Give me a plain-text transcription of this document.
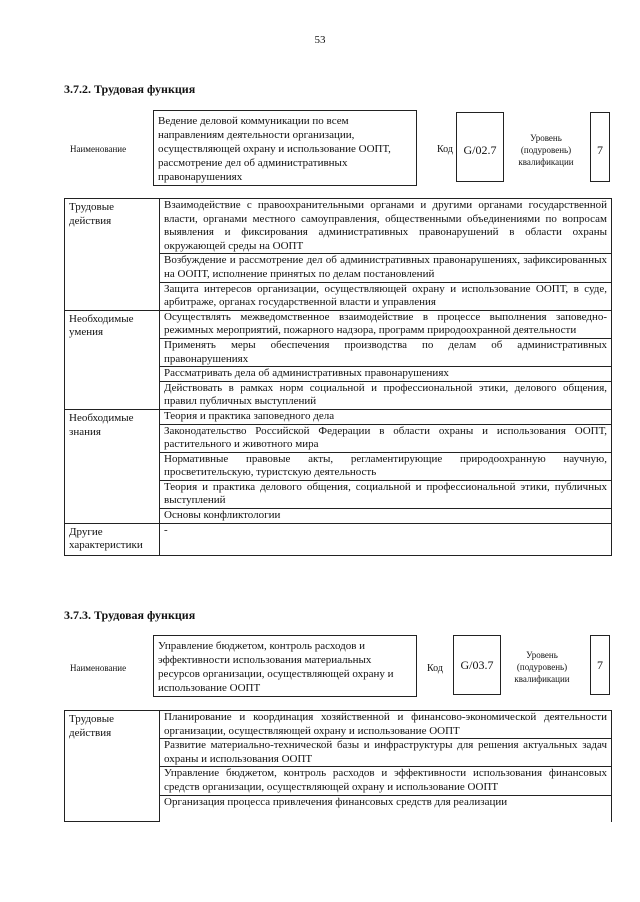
53
3.7.2. Трудовая функция
Наименование
Ведение деловой коммуникации по всем направлениям деятельности организации, осуществляющей охрану и использование ООПТ, рассмотрение дел об административных правонарушениях
Код G/02.7
Уровень (подуровень) квалификации
7
Трудовые действия	Взаимодействие с правоохранительными органами и другими органами государственной власти, органами местного самоуправления, общественными объединениями по вопросам выявления и фиксирования административных правонарушений в области охраны окружающей среды на ООПТ
	Возбуждение и рассмотрение дел об административных правонарушениях, зафиксированных на ООПТ, исполнение принятых по делам постановлений
	Защита интересов организации, осуществляющей охрану и использование ООПТ, в суде, арбитраже, органах государственной власти и управления
Необходимые умения	Осуществлять межведомственное взаимодействие в процессе выполнения заповедно-режимных мероприятий, пожарного надзора, программ природоохранной деятельности
	Применять меры обеспечения производства по делам об административных правонарушениях
	Рассматривать дела об административных правонарушениях
	Действовать в рамках норм социальной и профессиональной этики, делового общения, правил публичных выступлений
Необходимые знания	Теория и практика заповедного дела
	Законодательство Российской Федерации в области охраны и использования ООПТ, растительного и животного мира
	Нормативные правовые акты, регламентирующие природоохранную научную, просветительскую, туристскую деятельность
	Теория и практика делового общения, социальной и профессиональной этики, публичных выступлений
	Основы конфликтологии
Другие характеристики	-
3.7.3. Трудовая функция
Наименование
Управление бюджетом, контроль расходов и эффективности использования материальных ресурсов организации, осуществляющей охрану и использование ООПТ
Код	G/03.7
Уровень (подуровень) квалификации
7
Трудовые действия	Планирование и координация хозяйственной и финансово-экономической деятельности организации, осуществляющей охрану и использование ООПТ
Развитие материально-технической базы и инфраструктуры для решения актуальных задач охраны и использования ООПТ
Управление бюджетом, контроль расходов и эффективности использования финансовых средств организации, осуществляющей охрану и использование ООПТ

Организация процесса привлечения финансовых средств для реализации
